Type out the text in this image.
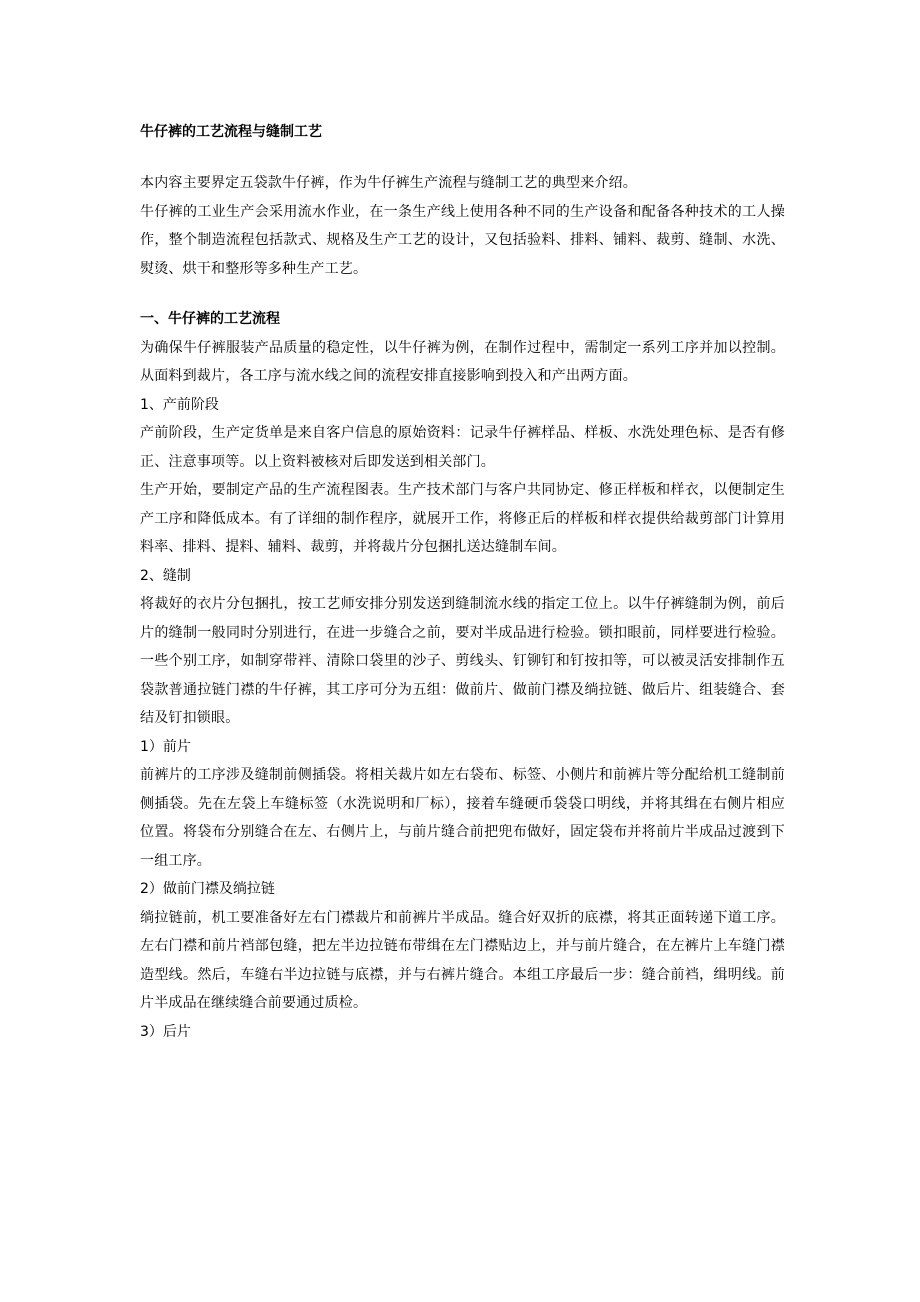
牛仔裤的工艺流程与缝制工艺

本内容主要界定五袋款牛仔裤，作为牛仔裤生产流程与缝制工艺的典型来介绍。

牛仔裤的工业生产会采用流水作业，在一条生产线上使用各种不同的生产设备和配备各种技术的工人操作，整个制造流程包括款式、规格及生产工艺的设计，又包括验料、排料、铺料、裁剪、缝制、水洗、熨烫、烘干和整形等多种生产工艺。

一、牛仔裤的工艺流程

为确保牛仔裤服装产品质量的稳定性，以牛仔裤为例，在制作过程中，需制定一系列工序并加以控制。从面料到裁片，各工序与流水线之间的流程安排直接影响到投入和产出两方面。

1、产前阶段

产前阶段，生产定货单是来自客户信息的原始资料：记录牛仔裤样品、样板、水洗处理色标、是否有修正、注意事项等。以上资料被核对后即发送到相关部门。

生产开始，要制定产品的生产流程图表。生产技术部门与客户共同协定、修正样板和样衣，以便制定生产工序和降低成本。有了详细的制作程序，就展开工作，将修正后的样板和样衣提供给裁剪部门计算用料率、排料、提料、辅料、裁剪，并将裁片分包捆扎送达缝制车间。

2、缝制

将裁好的衣片分包捆扎，按工艺师安排分别发送到缝制流水线的指定工位上。以牛仔裤缝制为例，前后片的缝制一般同时分别进行，在进一步缝合之前，要对半成品进行检验。锁扣眼前，同样要进行检验。一些个别工序，如制穿带袢、清除口袋里的沙子、剪线头、钉铆钉和钉按扣等，可以被灵活安排制作五袋款普通拉链门襟的牛仔裤，其工序可分为五组：做前片、做前门襟及绱拉链、做后片、组装缝合、套结及钉扣锁眼。

1）前片

前裤片的工序涉及缝制前侧插袋。将相关裁片如左右袋布、标签、小侧片和前裤片等分配给机工缝制前侧插袋。先在左袋上车缝标签（水洗说明和厂标），接着车缝硬币袋袋口明线，并将其缉在右侧片相应位置。将袋布分别缝合在左、右侧片上，与前片缝合前把兜布做好，固定袋布并将前片半成品过渡到下一组工序。

2）做前门襟及绱拉链

绱拉链前，机工要准备好左右门襟裁片和前裤片半成品。缝合好双折的底襟，将其正面转递下道工序。左右门襟和前片裆部包缝，把左半边拉链布带缉在左门襟贴边上，并与前片缝合，在左裤片上车缝门襟造型线。然后，车缝右半边拉链与底襟，并与右裤片缝合。本组工序最后一步：缝合前裆，缉明线。前片半成品在继续缝合前要通过质检。

3）后片
